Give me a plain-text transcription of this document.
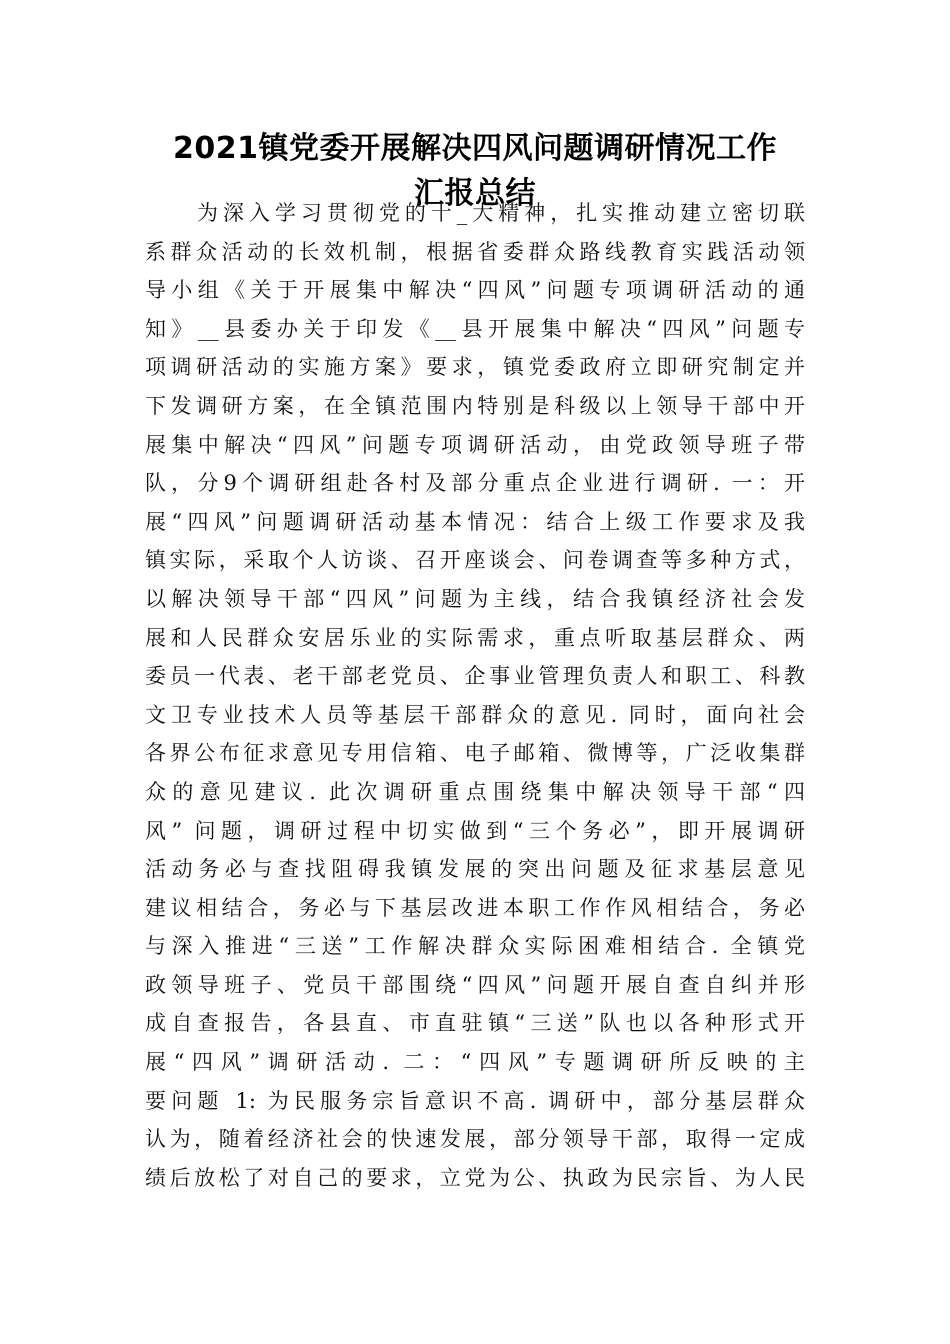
2021镇党委开展解决四风问题调研情况工作
汇报总结
为深入学习贯彻党的十_大精神，扎实推动建立密切联
系群众活动的长效机制，根据省委群众路线教育实践活动领
导小组《关于开展集中解决“四风”问题专项调研活动的通
知》__县委办关于印发《__县开展集中解决“四风”问题专
项调研活动的实施方案》要求，镇党委政府立即研究制定并
下发调研方案，在全镇范围内特别是科级以上领导干部中开
展集中解决“四风”问题专项调研活动，由党政领导班子带
队，分9个调研组赴各村及部分重点企业进行调研. 一：开
展“四风”问题调研活动基本情况：结合上级工作要求及我
镇实际，采取个人访谈、召开座谈会、问卷调查等多种方式，
以解决领导干部“四风”问题为主线，结合我镇经济社会发
展和人民群众安居乐业的实际需求，重点听取基层群众、两
委员一代表、老干部老党员、企事业管理负责人和职工、科教
文卫专业技术人员等基层干部群众的意见. 同时，面向社会
各界公布征求意见专用信箱、电子邮箱、微博等，广泛收集群
众的意见建议. 此次调研重点围绕集中解决领导干部“四
风” 问题，调研过程中切实做到“三个务必”，即开展调研
活动务必与查找阻碍我镇发展的突出问题及征求基层意见
建议相结合，务必与下基层改进本职工作作风相结合，务必
与深入推进“三送”工作解决群众实际困难相结合. 全镇党
政领导班子、党员干部围绕“四风”问题开展自查自纠并形
成自查报告，各县直、市直驻镇“三送”队也以各种形式开
展“四风”调研活动. 二：“四风”专题调研所反映的主
要问题 1: 为民服务宗旨意识不高. 调研中，部分基层群众
认为，随着经济社会的快速发展，部分领导干部，取得一定成
绩后放松了对自己的要求，立党为公、执政为民宗旨、为人民
